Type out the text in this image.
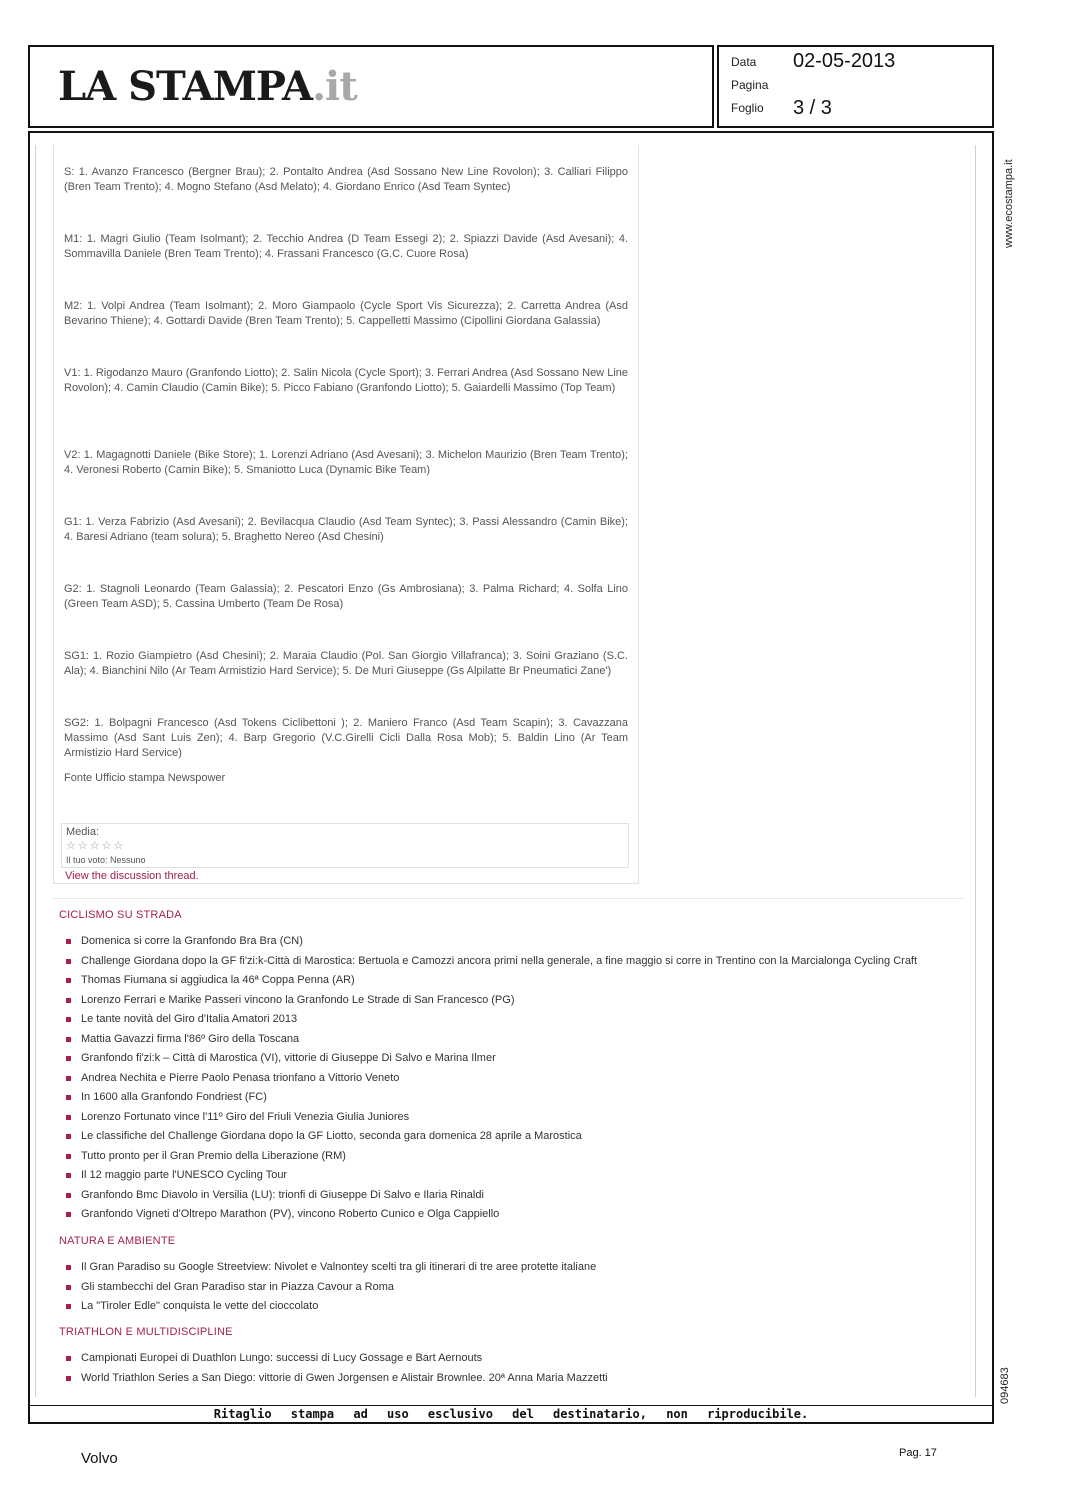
LA STAMPA.it
Data 02-05-2013
Pagina
Foglio 3 / 3
www.ecostampa.it
094683
S: 1. Avanzo Francesco (Bergner Brau); 2. Pontalto Andrea (Asd Sossano New Line Rovolon); 3. Calliari Filippo (Bren Team Trento); 4. Mogno Stefano (Asd Melato); 4. Giordano Enrico (Asd Team Syntec)
M1: 1. Magri Giulio (Team Isolmant); 2. Tecchio Andrea (D Team Essegi 2); 2. Spiazzi Davide (Asd Avesani); 4. Sommavilla Daniele (Bren Team Trento); 4. Frassani Francesco (G.C. Cuore Rosa)
M2: 1. Volpi Andrea (Team Isolmant); 2. Moro Giampaolo (Cycle Sport Vis Sicurezza); 2. Carretta Andrea (Asd Bevarino Thiene); 4. Gottardi Davide (Bren Team Trento); 5. Cappelletti Massimo (Cipollini Giordana Galassia)
V1: 1. Rigodanzo Mauro (Granfondo Liotto); 2. Salin Nicola (Cycle Sport); 3. Ferrari Andrea (Asd Sossano New Line Rovolon); 4. Camin Claudio (Camin Bike); 5. Picco Fabiano (Granfondo Liotto); 5. Gaiardelli Massimo (Top Team)
V2: 1. Magagnotti Daniele (Bike Store); 1. Lorenzi Adriano (Asd Avesani); 3. Michelon Maurizio (Bren Team Trento); 4. Veronesi Roberto (Camin Bike); 5. Smaniotto Luca (Dynamic Bike Team)
G1: 1. Verza Fabrizio (Asd Avesani); 2. Bevilacqua Claudio (Asd Team Syntec); 3. Passi Alessandro (Camin Bike); 4. Baresi Adriano (team solura); 5. Braghetto Nereo (Asd Chesini)
G2: 1. Stagnoli Leonardo (Team Galassia); 2. Pescatori Enzo (Gs Ambrosiana); 3. Palma Richard; 4. Solfa Lino (Green Team ASD); 5. Cassina Umberto (Team De Rosa)
SG1: 1. Rozio Giampietro (Asd Chesini); 2. Maraia Claudio (Pol. San Giorgio Villafranca); 3. Soini Graziano (S.C. Ala); 4. Bianchini Nilo (Ar Team Armistizio Hard Service); 5. De Muri Giuseppe (Gs Alpilatte Br Pneumatici Zane')
SG2: 1. Bolpagni Francesco (Asd Tokens Ciclibettoni ); 2. Maniero Franco (Asd Team Scapin); 3. Cavazzana Massimo (Asd Sant Luis Zen); 4. Barp Gregorio (V.C.Girelli Cicli Dalla Rosa Mob); 5. Baldin Lino (Ar Team Armistizio Hard Service)
Fonte Ufficio stampa Newspower
Media:
☆☆☆☆☆
Il tuo voto: Nessuno
View the discussion thread.
CICLISMO SU STRADA
Domenica si corre la Granfondo Bra Bra (CN)
Challenge Giordana dopo la GF fi'zi:k-Città di Marostica: Bertuola e Camozzi ancora primi nella generale, a fine maggio si corre in Trentino con la Marcialonga Cycling Craft
Thomas Fiumana si aggiudica la 46ª Coppa Penna (AR)
Lorenzo Ferrari e Marike Passeri vincono la Granfondo Le Strade di San Francesco (PG)
Le tante novità del Giro d'Italia Amatori 2013
Mattia Gavazzi firma l'86º Giro della Toscana
Granfondo fi'zi:k – Città di Marostica (VI), vittorie di Giuseppe Di Salvo e Marina Ilmer
Andrea Nechita e Pierre Paolo Penasa trionfano a Vittorio Veneto
In 1600 alla Granfondo Fondriest (FC)
Lorenzo Fortunato vince l'11º Giro del Friuli Venezia Giulia Juniores
Le classifiche del Challenge Giordana dopo la GF Liotto, seconda gara domenica 28 aprile a Marostica
Tutto pronto per il Gran Premio della Liberazione (RM)
Il 12 maggio parte l'UNESCO Cycling Tour
Granfondo Bmc Diavolo in Versilia (LU): trionfi di Giuseppe Di Salvo e Ilaria Rinaldi
Granfondo Vigneti d'Oltrepo Marathon (PV), vincono Roberto Cunico e Olga Cappiello
NATURA E AMBIENTE
Il Gran Paradiso su Google Streetview: Nivolet e Valnontey scelti tra gli itinerari di tre aree protette italiane
Gli stambecchi del Gran Paradiso star in Piazza Cavour a Roma
La "Tiroler Edle" conquista le vette del cioccolato
TRIATHLON E MULTIDISCIPLINE
Campionati Europei di Duathlon Lungo: successi di Lucy Gossage e Bart Aernouts
World Triathlon Series a San Diego: vittorie di Gwen Jorgensen e Alistair Brownlee. 20ª Anna Maria Mazzetti
Ritaglio stampa ad uso esclusivo del destinatario, non riproducibile.
Volvo	Pag. 17
